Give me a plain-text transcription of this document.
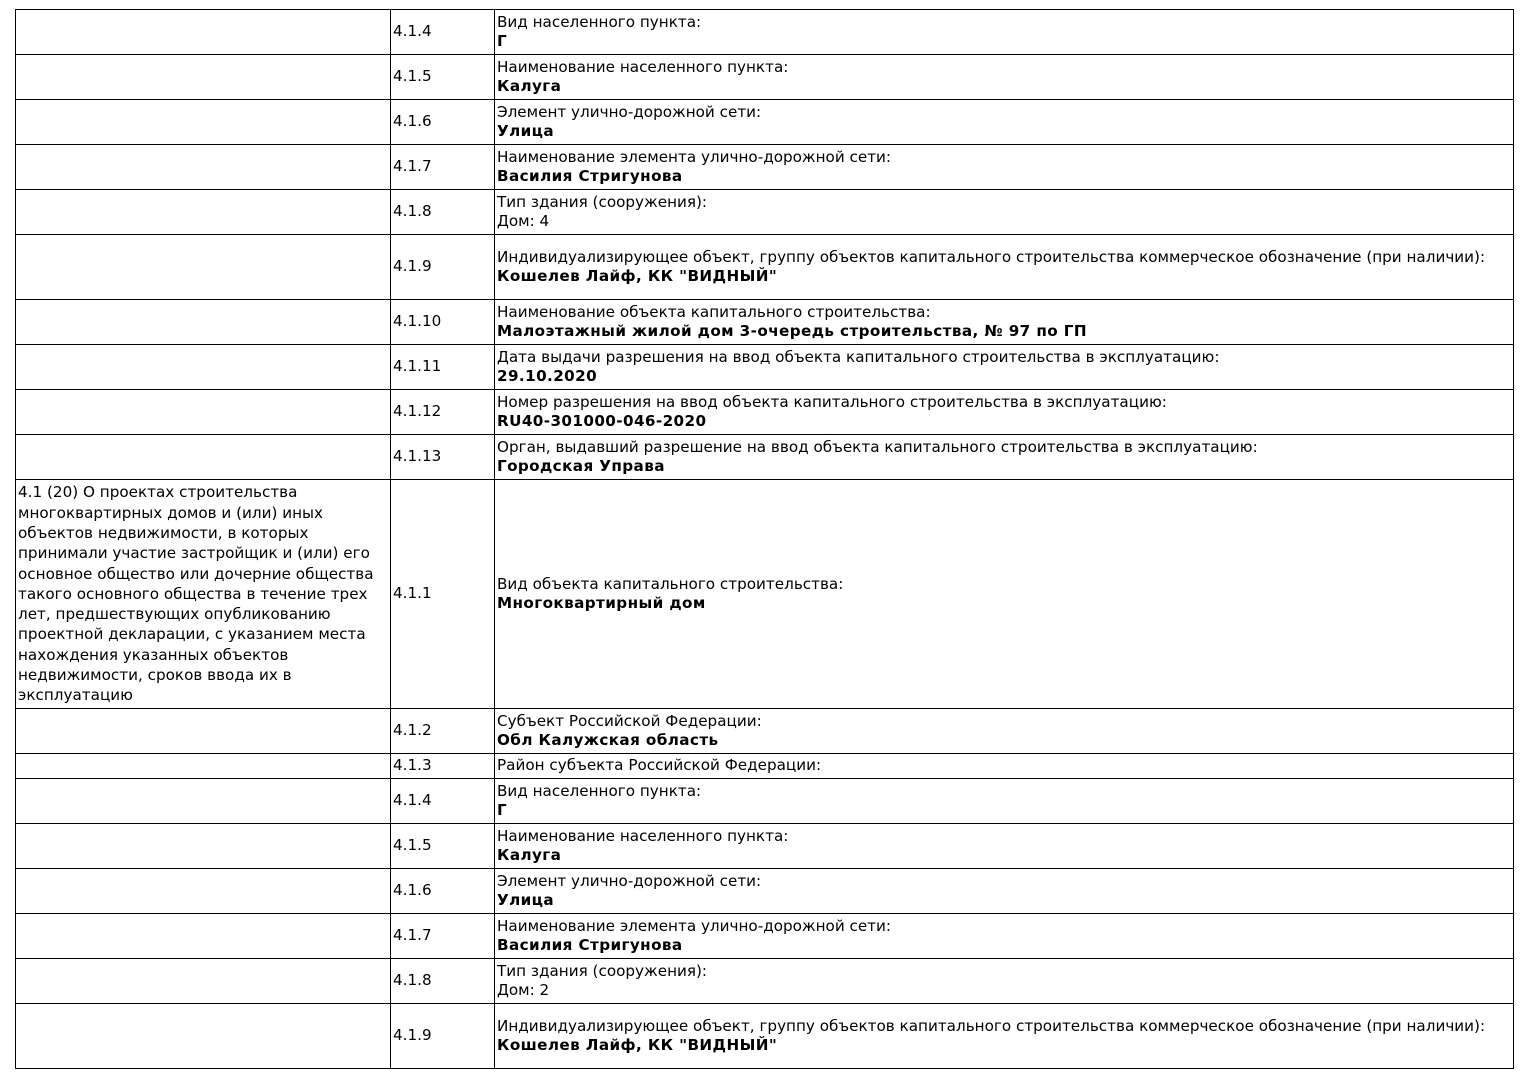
	4.1.4	Вид населенного пункта:
Г

	4.1.5	Наименование населенного пункта:
Калуга

	4.1.6	Элемент улично-дорожной сети:
Улица

	4.1.7	Наименование элемента улично-дорожной сети:
Василия Стригунова

	4.1.8	Тип здания (сооружения):
Дом: 4

	4.1.9	Индивидуализирующее объект, группу объектов капитального строительства коммерческое обозначение (при наличии):
Кошелев Лайф, КК "ВИДНЫЙ"

	4.1.10	Наименование объекта капитального строительства:
Малоэтажный жилой дом 3-очередь строительства, № 97 по ГП

	4.1.11	Дата выдачи разрешения на ввод объекта капитального строительства в эксплуатацию:
29.10.2020

	4.1.12	Номер разрешения на ввод объекта капитального строительства в эксплуатацию:
RU40-301000-046-2020

	4.1.13	Орган, выдавший разрешение на ввод объекта капитального строительства в эксплуатацию:
Городская Управа

4.1 (20) О проектах строительства многоквартирных домов и (или) иных объектов недвижимости, в которых принимали участие застройщик и (или) его основное общество или дочерние общества такого основного общества в течение трех лет, предшествующих опубликованию проектной декларации, с указанием места нахождения указанных объектов недвижимости, сроков ввода их в эксплуатацию	4.1.1	Вид объекта капитального строительства:
Многоквартирный дом

	4.1.2	Субъект Российской Федерации:
Обл Калужская область

	4.1.3	Район субъекта Российской Федерации:

	4.1.4	Вид населенного пункта:
Г

	4.1.5	Наименование населенного пункта:
Калуга

	4.1.6	Элемент улично-дорожной сети:
Улица

	4.1.7	Наименование элемента улично-дорожной сети:
Василия Стригунова

	4.1.8	Тип здания (сооружения):
Дом: 2

	4.1.9	Индивидуализирующее объект, группу объектов капитального строительства коммерческое обозначение (при наличии):
Кошелев Лайф, КК "ВИДНЫЙ"
